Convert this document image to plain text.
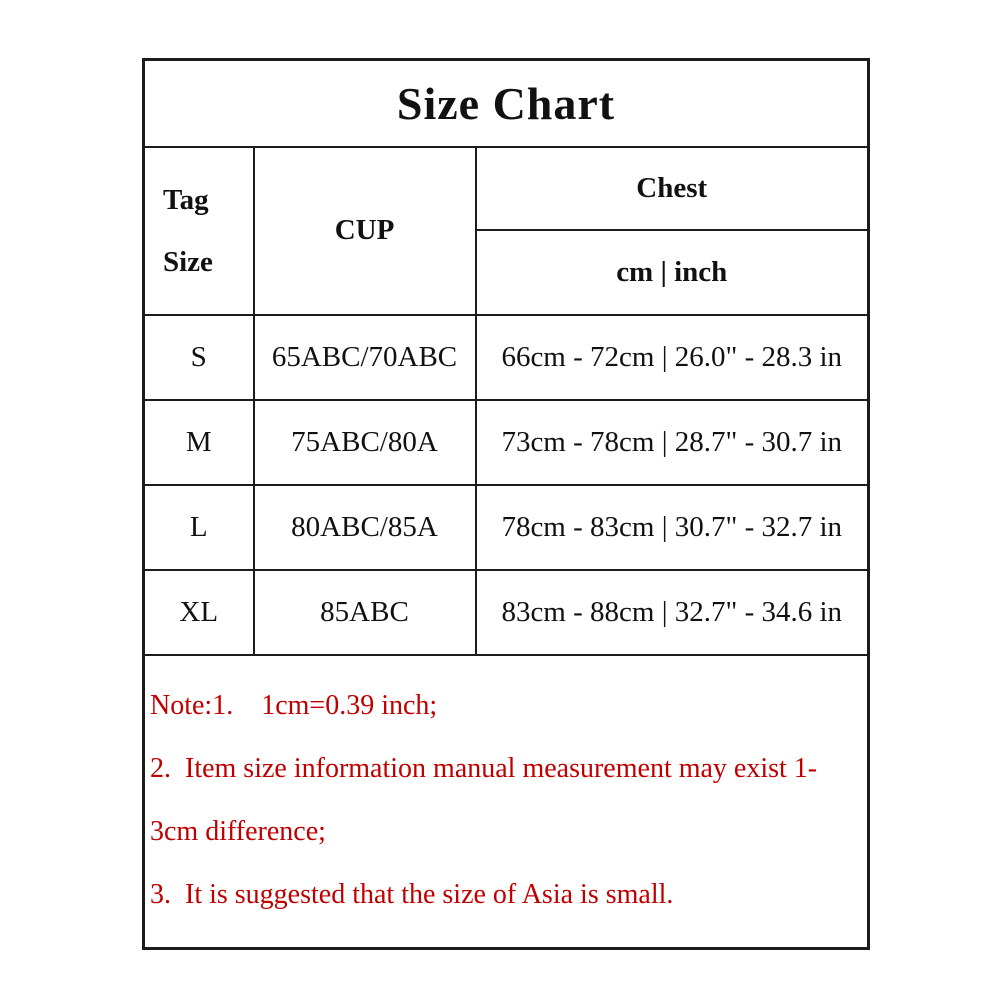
Size Chart		

Tag
Size	CUP	Chest
		cm | inch
S	65ABC/70ABC	66cm - 72cm | 26.0" - 28.3 in
M	75ABC/80A	73cm - 78cm | 28.7" - 30.7 in
L	80ABC/85A	78cm - 83cm | 30.7" - 32.7 in
XL	85ABC	83cm - 88cm | 32.7" - 34.6 in

Note:1.    1cm=0.39 inch;

2.  Item size information manual measurement may exist 1-3cm difference;

3.  It is suggested that the size of Asia is small.		
